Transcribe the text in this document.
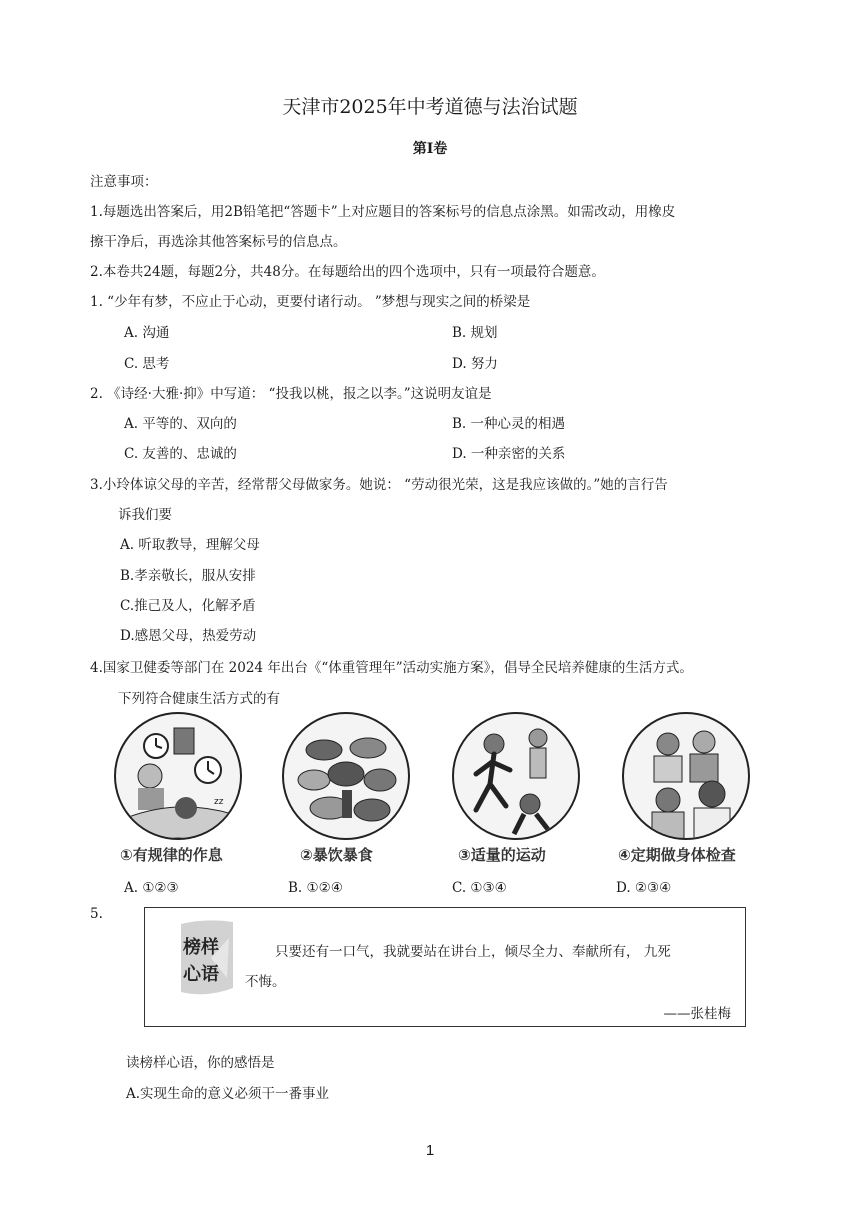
天津市2025年中考道德与法治试题
第Ⅰ卷
注意事项：
1.每题选出答案后，用2B铅笔把“答题卡”上对应题目的答案标号的信息点涂黑。如需改动，用橡皮
擦干净后，再选涂其他答案标号的信息点。
2.本卷共24题，每题2分，共48分。在每题给出的四个选项中，只有一项最符合题意。
1. “少年有梦，不应止于心动，更要付诸行动。 ”梦想与现实之间的桥梁是
A. 沟通	B. 规划
C. 思考	D. 努力
2. 《诗经·大雅·抑》中写道： “投我以桃，报之以李。”这说明友谊是
A. 平等的、双向的	B. 一种心灵的相遇
C. 友善的、忠诚的	D. 一种亲密的关系
3.小玲体谅父母的辛苦，经常帮父母做家务。她说： “劳动很光荣，这是我应该做的。”她的言行告
诉我们要
A. 听取教导，理解父母
B.孝亲敬长，服从安排
C.推己及人，化解矛盾
D.感恩父母，热爱劳动
4.国家卫健委等部门在 2024 年出台《“体重管理年”活动实施方案》，倡导全民培养健康的生活方式。
下列符合健康生活方式的有
zz
①有规律的作息	②暴饮暴食	③适量的运动	④定期做身体检查
A. ①②③	B. ①②④	C. ①③④	D. ②③④
5.
榜样心语
只要还有一口气，我就要站在讲台上，倾尽全力、奉献所有， 九死
不悔。
——张桂梅
读榜样心语，你的感悟是
A.实现生命的意义必须干一番事业
1
